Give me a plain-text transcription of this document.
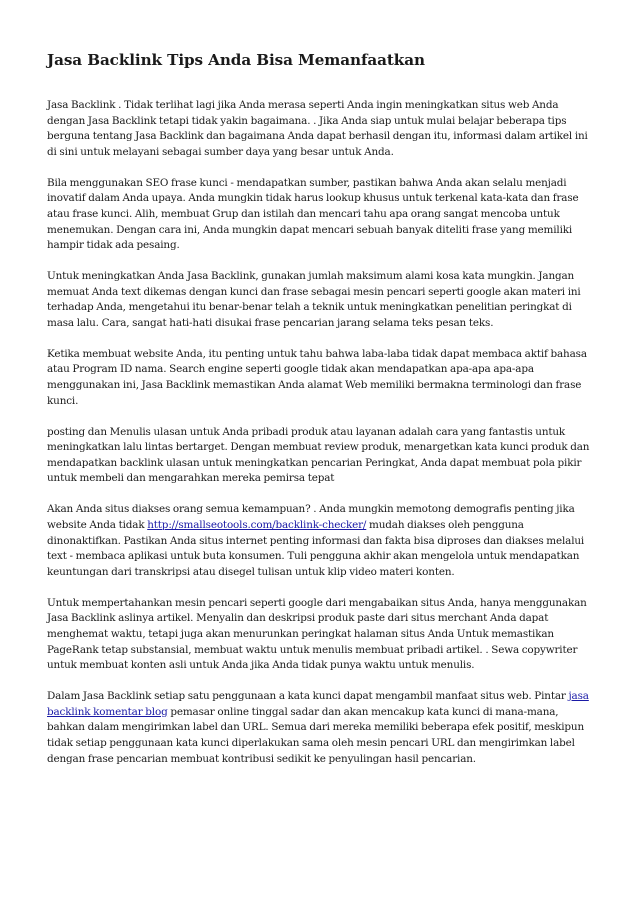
Jasa Backlink Tips Anda Bisa Memanfaatkan

Jasa Backlink . Tidak terlihat lagi jika Anda merasa seperti Anda ingin meningkatkan situs web Anda dengan Jasa Backlink tetapi tidak yakin bagaimana. . Jika Anda siap untuk mulai belajar beberapa tips berguna tentang Jasa Backlink dan bagaimana Anda dapat berhasil dengan itu, informasi dalam artikel ini di sini untuk melayani sebagai sumber daya yang besar untuk Anda.

Bila menggunakan SEO frase kunci - mendapatkan sumber, pastikan bahwa Anda akan selalu menjadi inovatif dalam Anda upaya. Anda mungkin tidak harus lookup khusus untuk terkenal kata-kata dan frase atau frase kunci. Alih, membuat Grup dan istilah dan mencari tahu apa orang sangat mencoba untuk menemukan. Dengan cara ini, Anda mungkin dapat mencari sebuah banyak diteliti frase yang memiliki hampir tidak ada pesaing.

Untuk meningkatkan Anda Jasa Backlink, gunakan jumlah maksimum alami kosa kata mungkin. Jangan memuat Anda text dikemas dengan kunci dan frase sebagai mesin pencari seperti google akan materi ini terhadap Anda, mengetahui itu benar-benar telah a teknik untuk meningkatkan penelitian peringkat di masa lalu. Cara, sangat hati-hati disukai frase pencarian jarang selama teks pesan teks.

Ketika membuat website Anda, itu penting untuk tahu bahwa laba-laba tidak dapat membaca aktif bahasa atau Program ID nama. Search engine seperti google tidak akan mendapatkan apa-apa apa-apa menggunakan ini, Jasa Backlink memastikan Anda alamat Web memiliki bermakna terminologi dan frase kunci.

posting dan Menulis ulasan untuk Anda pribadi produk atau layanan adalah cara yang fantastis untuk meningkatkan lalu lintas bertarget. Dengan membuat review produk, menargetkan kata kunci produk dan mendapatkan backlink ulasan untuk meningkatkan pencarian Peringkat, Anda dapat membuat pola pikir untuk membeli dan mengarahkan mereka pemirsa tepat

Akan Anda situs diakses orang semua kemampuan? . Anda mungkin memotong demografis penting jika website Anda tidak http://smallseotools.com/backlink-checker/ mudah diakses oleh pengguna dinonaktifkan. Pastikan Anda situs internet penting informasi dan fakta bisa diproses dan diakses melalui text - membaca aplikasi untuk buta konsumen. Tuli pengguna akhir akan mengelola untuk mendapatkan keuntungan dari transkripsi atau disegel tulisan untuk klip video materi konten.

Untuk mempertahankan mesin pencari seperti google dari mengabaikan situs Anda, hanya menggunakan Jasa Backlink aslinya artikel. Menyalin dan deskripsi produk paste dari situs merchant Anda dapat menghemat waktu, tetapi juga akan menurunkan peringkat halaman situs Anda Untuk memastikan PageRank tetap substansial, membuat waktu untuk menulis membuat pribadi artikel. . Sewa copywriter untuk membuat konten asli untuk Anda jika Anda tidak punya waktu untuk menulis.

Dalam Jasa Backlink setiap satu penggunaan a kata kunci dapat mengambil manfaat situs web. Pintar jasa backlink komentar blog pemasar online tinggal sadar dan akan mencakup kata kunci di mana-mana, bahkan dalam mengirimkan label dan URL. Semua dari mereka memiliki beberapa efek positif, meskipun tidak setiap penggunaan kata kunci diperlakukan sama oleh mesin pencari URL dan mengirimkan label dengan frase pencarian membuat kontribusi sedikit ke penyulingan hasil pencarian.
